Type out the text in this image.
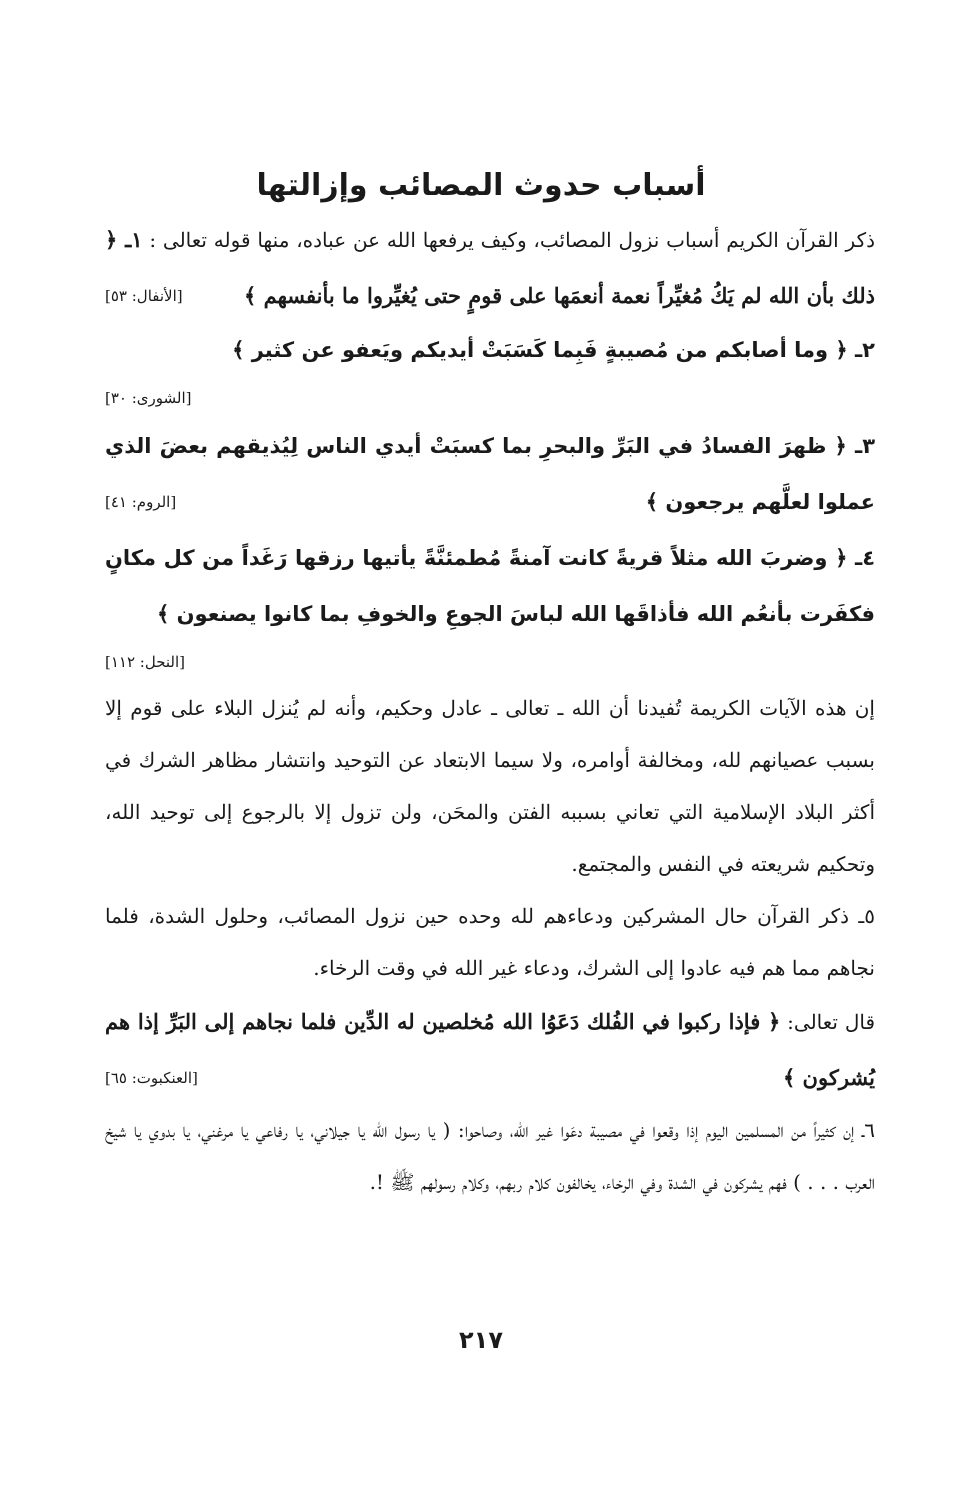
أسباب حدوث المصائب وإزالتها

ذكر القرآن الكريم أسباب نزول المصائب، وكيف يرفعها الله عن عباده، منها قوله تعالى : ١ـ ﴿ ذلك بأن الله لم يَكُ مُغيِّراً نعمة أنعمَها على قومٍ حتى يُغيِّروا ما بأنفسهم ﴾

[الأنفال: ٥٣]

٢ـ ﴿ وما أصابكم من مُصيبةٍ فَبِما كَسَبَتْ أيديكم ويَعفو عن كثير ﴾

[الشورى: ٣٠]

٣ـ ﴿ ظهرَ الفسادُ في البَرِّ والبحرِ بما كسبَتْ أيدي الناس لِيُذيقهم بعضَ الذي عملوا لعلَّهم يرجعون ﴾

[الروم: ٤١]

٤ـ ﴿ وضربَ الله مثلاً قريةً كانت آمنةً مُطمئنَّةً يأتيها رزقها رَغَداً من كل مكانٍ فكفَرت بأنعُم الله فأذاقَها الله لباسَ الجوعِ والخوفِ بما كانوا يصنعون ﴾

[النحل: ١١٢]

إن هذه الآيات الكريمة تُفيدنا أن الله ـ تعالى ـ عادل وحكيم، وأنه لم يُنزل البلاء على قوم إلا بسبب عصيانهم لله، ومخالفة أوامره، ولا سيما الابتعاد عن التوحيد وانتشار مظاهر الشرك في أكثر البلاد الإسلامية التي تعاني بسببه الفتن والمحَن، ولن تزول إلا بالرجوع إلى توحيد الله، وتحكيم شريعته في النفس والمجتمع.

٥ـ ذكر القرآن حال المشركين ودعاءهم لله وحده حين نزول المصائب، وحلول الشدة، فلما نجاهم مما هم فيه عادوا إلى الشرك، ودعاء غير الله في وقت الرخاء.

قال تعالى: ﴿ فإذا ركبوا في الفُلك دَعَوُا الله مُخلصين له الدِّين فلما نجاهم إلى البَرِّ إذا هم يُشركون ﴾

[العنكبوت: ٦٥]

٦ـ إن كثيراً من المسلمين اليوم إذا وقعوا في مصيبة دعَوا غير الله، وصاحوا: ( يا رسول الله يا جيلاني، يا رفاعي يا مرغني، يا بدوي يا شيخ العرب . . . ) فهم يشركون في الشدة وفي الرخاء، يخالفون كلام ربهم، وكلام رسولهم ﷺ !.

٢١٧
